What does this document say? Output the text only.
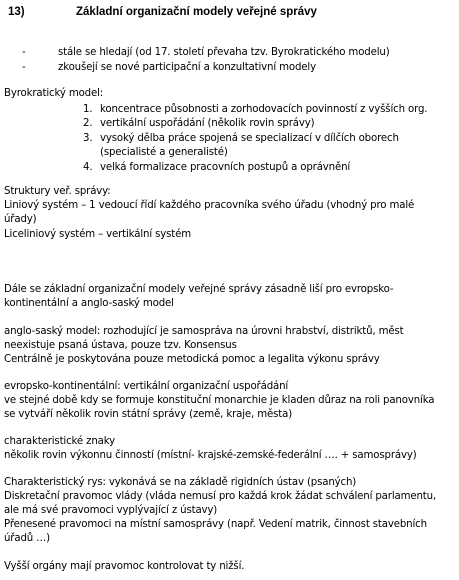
13)	Základní organizační modely veřejné správy
-	stále se hledají (od 17. století převaha tzv. Byrokratického modelu)
-	zkoušejí se nové participační a konzultativní modely
Byrokratický model:
1. koncentrace působnosti a zorhodovacích povinností z vyšších org.
2. vertikální uspořádání (několik rovin správy)
3. vysoký dělba práce spojená se specializací v dílčích oborech
(specialisté a generalisté)
4. velká formalizace pracovních postupů a oprávnění
Struktury veř. správy:
Liniový systém – 1 vedoucí řídí každého pracovníka svého úřadu (vhodný pro malé
úřady)
Liceliniový systém – vertikální systém
Dále se základní organizační modely veřejné správy zásadně liší pro evropsko-
kontinentální a anglo-saský model
anglo-saský model: rozhodující je samospráva na úrovni hrabství, distriktů, měst
neexistuje psaná ústava, pouze tzv. Konsensus
Centrálně je poskytována pouze metodická pomoc a legalita výkonu správy
evropsko-kontinentální: vertikální organizační uspořádání
ve stejné době kdy se formuje konstituční monarchie je kladen důraz na roli panovníka
se vytváří několik rovin státní správy (země, kraje, města)
charakteristické znaky
několik rovin výkonnu činností (místní- krajské-zemské-federální …. + samosprávy)
Charakteristický rys: vykonává se na základě rigidních ústav (psaných)
Diskretační pravomoc vlády (vláda nemusí pro každá krok žádat schválení parlamentu,
ale má své pravomoci vyplývající z ústavy)
Přenesené pravomoci na místní samosprávy (např. Vedení matrik, činnost stavebních
úřadů …)
Vyšší orgány mají pravomoc kontrolovat ty nižší.
